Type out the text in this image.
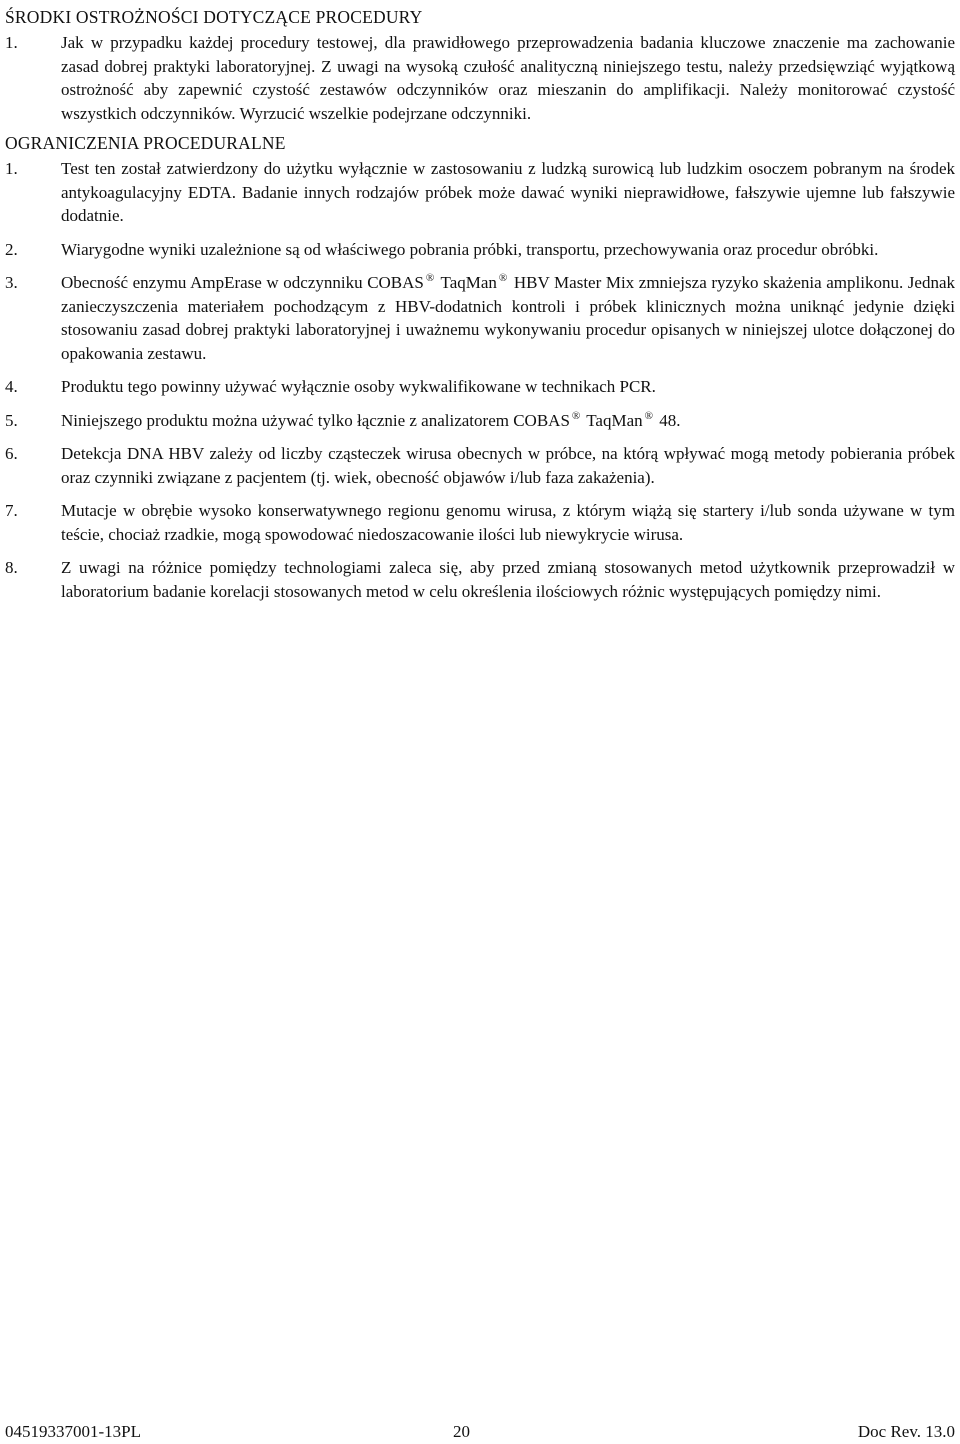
ŚRODKI OSTROŻNOŚCI DOTYCZĄCE PROCEDURY
1.	Jak w przypadku każdej procedury testowej, dla prawidłowego przeprowadzenia badania kluczowe znaczenie ma zachowanie zasad dobrej praktyki laboratoryjnej. Z uwagi na wysoką czułość analityczną niniejszego testu, należy przedsięwziąć wyjątkową ostrożność aby zapewnić czystość zestawów odczynników oraz mieszanin do amplifikacji. Należy monitorować czystość wszystkich odczynników. Wyrzucić wszelkie podejrzane odczynniki.
OGRANICZENIA PROCEDURALNE
1.	Test ten został zatwierdzony do użytku wyłącznie w zastosowaniu z ludzką surowicą lub ludzkim osoczem pobranym na środek antykoagulacyjny EDTA. Badanie innych rodzajów próbek może dawać wyniki nieprawidłowe, fałszywie ujemne lub fałszywie dodatnie.
2.	Wiarygodne wyniki uzależnione są od właściwego pobrania próbki, transportu, przechowywania oraz procedur obróbki.
3.	Obecność enzymu AmpErase w odczynniku COBAS ® TaqMan ® HBV Master Mix zmniejsza ryzyko skażenia amplikonu. Jednak zanieczyszczenia materiałem pochodzącym z HBV-dodatnich kontroli i próbek klinicznych można uniknąć jedynie dzięki stosowaniu zasad dobrej praktyki laboratoryjnej i uważnemu wykonywaniu procedur opisanych w niniejszej ulotce dołączonej do opakowania zestawu.
4.	Produktu tego powinny używać wyłącznie osoby wykwalifikowane w technikach PCR.
5.	Niniejszego produktu można używać tylko łącznie z analizatorem COBAS ® TaqMan ® 48.
6.	Detekcja DNA HBV zależy od liczby cząsteczek wirusa obecnych w próbce, na którą wpływać mogą metody pobierania próbek oraz czynniki związane z pacjentem (tj. wiek, obecność objawów i/lub faza zakażenia).
7.	Mutacje w obrębie wysoko konserwatywnego regionu genomu wirusa, z którym wiążą się startery i/lub sonda używane w tym teście, chociaż rzadkie, mogą spowodować niedoszacowanie ilości lub niewykrycie wirusa.
8.	Z uwagi na różnice pomiędzy technologiami zaleca się, aby przed zmianą stosowanych metod użytkownik przeprowadził w laboratorium badanie korelacji stosowanych metod w celu określenia ilościowych różnic występujących pomiędzy nimi.
04519337001-13PL	20	Doc Rev. 13.0
